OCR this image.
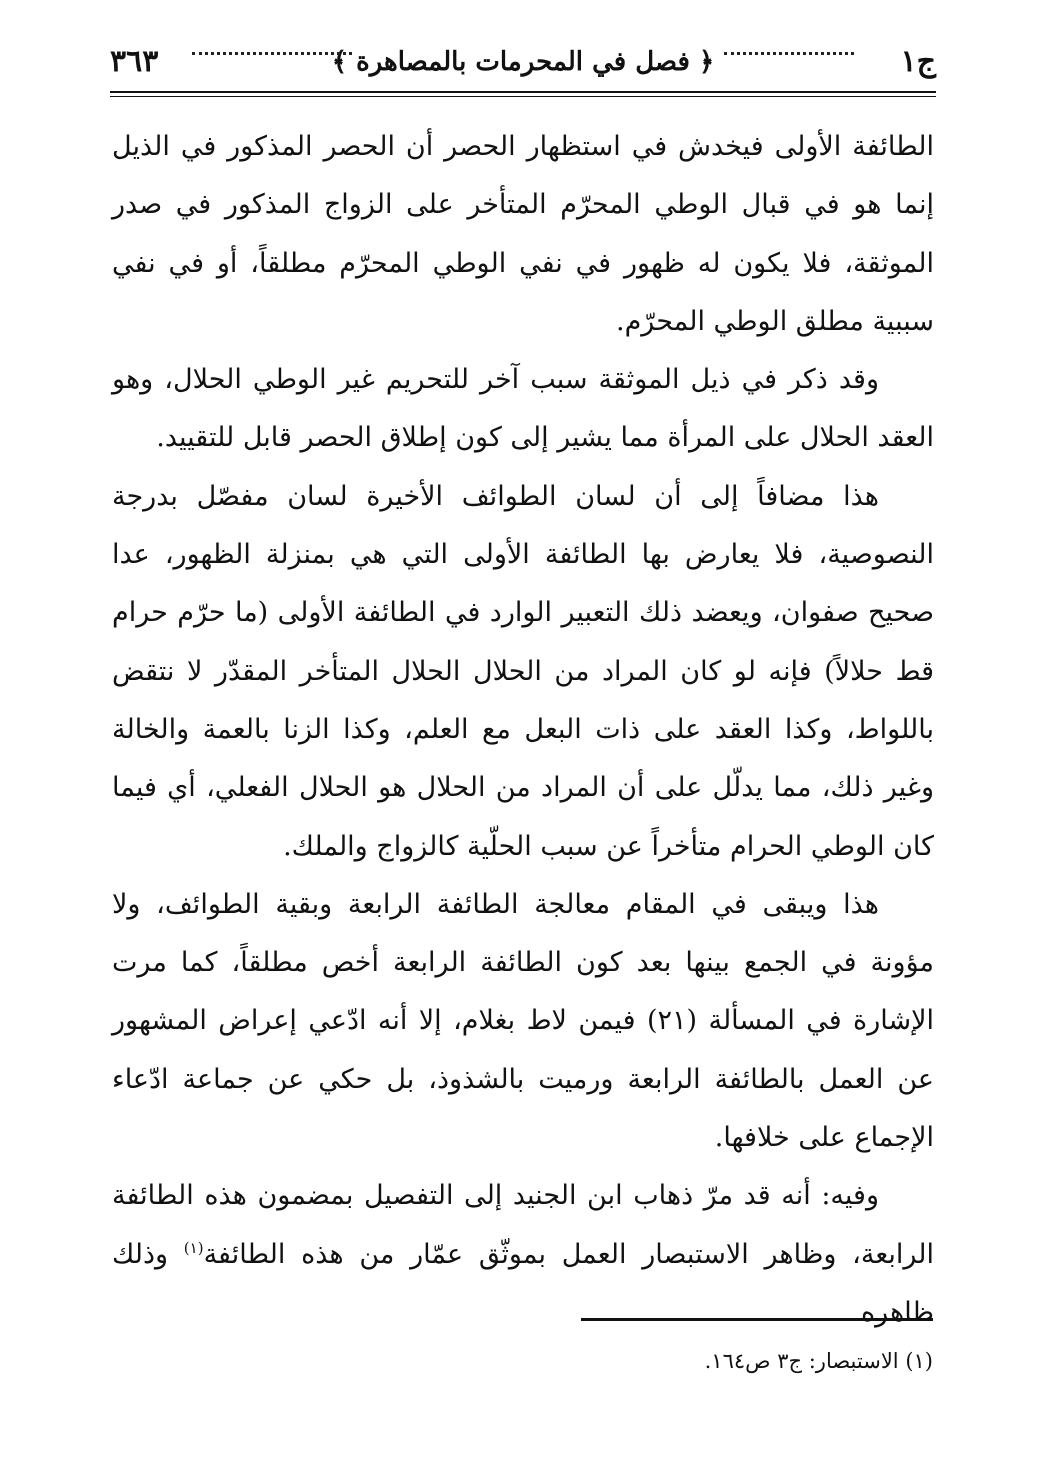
ج١
﴿ فصل في المحرمات بالمصاهرة ﴾
٣٦٣

الطائفة الأولى فيخدش في استظهار الحصر أن الحصر المذكور في الذيل إنما هو في قبال الوطي المحرّم المتأخر على الزواج المذكور في صدر الموثقة، فلا يكون له ظهور في نفي الوطي المحرّم مطلقاً، أو في نفي سببية مطلق الوطي المحرّم.

وقد ذكر في ذيل الموثقة سبب آخر للتحريم غير الوطي الحلال، وهو العقد الحلال على المرأة مما يشير إلى كون إطلاق الحصر قابل للتقييد.

هذا مضافاً إلى أن لسان الطوائف الأخيرة لسان مفصّل بدرجة النصوصية، فلا يعارض بها الطائفة الأولى التي هي بمنزلة الظهور، عدا صحيح صفوان، ويعضد ذلك التعبير الوارد في الطائفة الأولى (ما حرّم حرام قط حلالاً) فإنه لو كان المراد من الحلال الحلال المتأخر المقدّر لا نتقض باللواط، وكذا العقد على ذات البعل مع العلم، وكذا الزنا بالعمة والخالة وغير ذلك، مما يدلّل على أن المراد من الحلال هو الحلال الفعلي، أي فيما كان الوطي الحرام متأخراً عن سبب الحلّية كالزواج والملك.

هذا ويبقى في المقام معالجة الطائفة الرابعة وبقية الطوائف، ولا مؤونة في الجمع بينها بعد كون الطائفة الرابعة أخص مطلقاً، كما مرت الإشارة في المسألة (٢١) فيمن لاط بغلام، إلا أنه ادّعي إعراض المشهور عن العمل بالطائفة الرابعة ورميت بالشذوذ، بل حكي عن جماعة ادّعاء الإجماع على خلافها.

وفيه: أنه قد مرّ ذهاب ابن الجنيد إلى التفصيل بمضمون هذه الطائفة الرابعة، وظاهر الاستبصار العمل بموثّق عمّار من هذه الطائفة$^{(١)}$ وذلك ظاهره

(١) الاستبصار: ج٣ ص١٦٤.
